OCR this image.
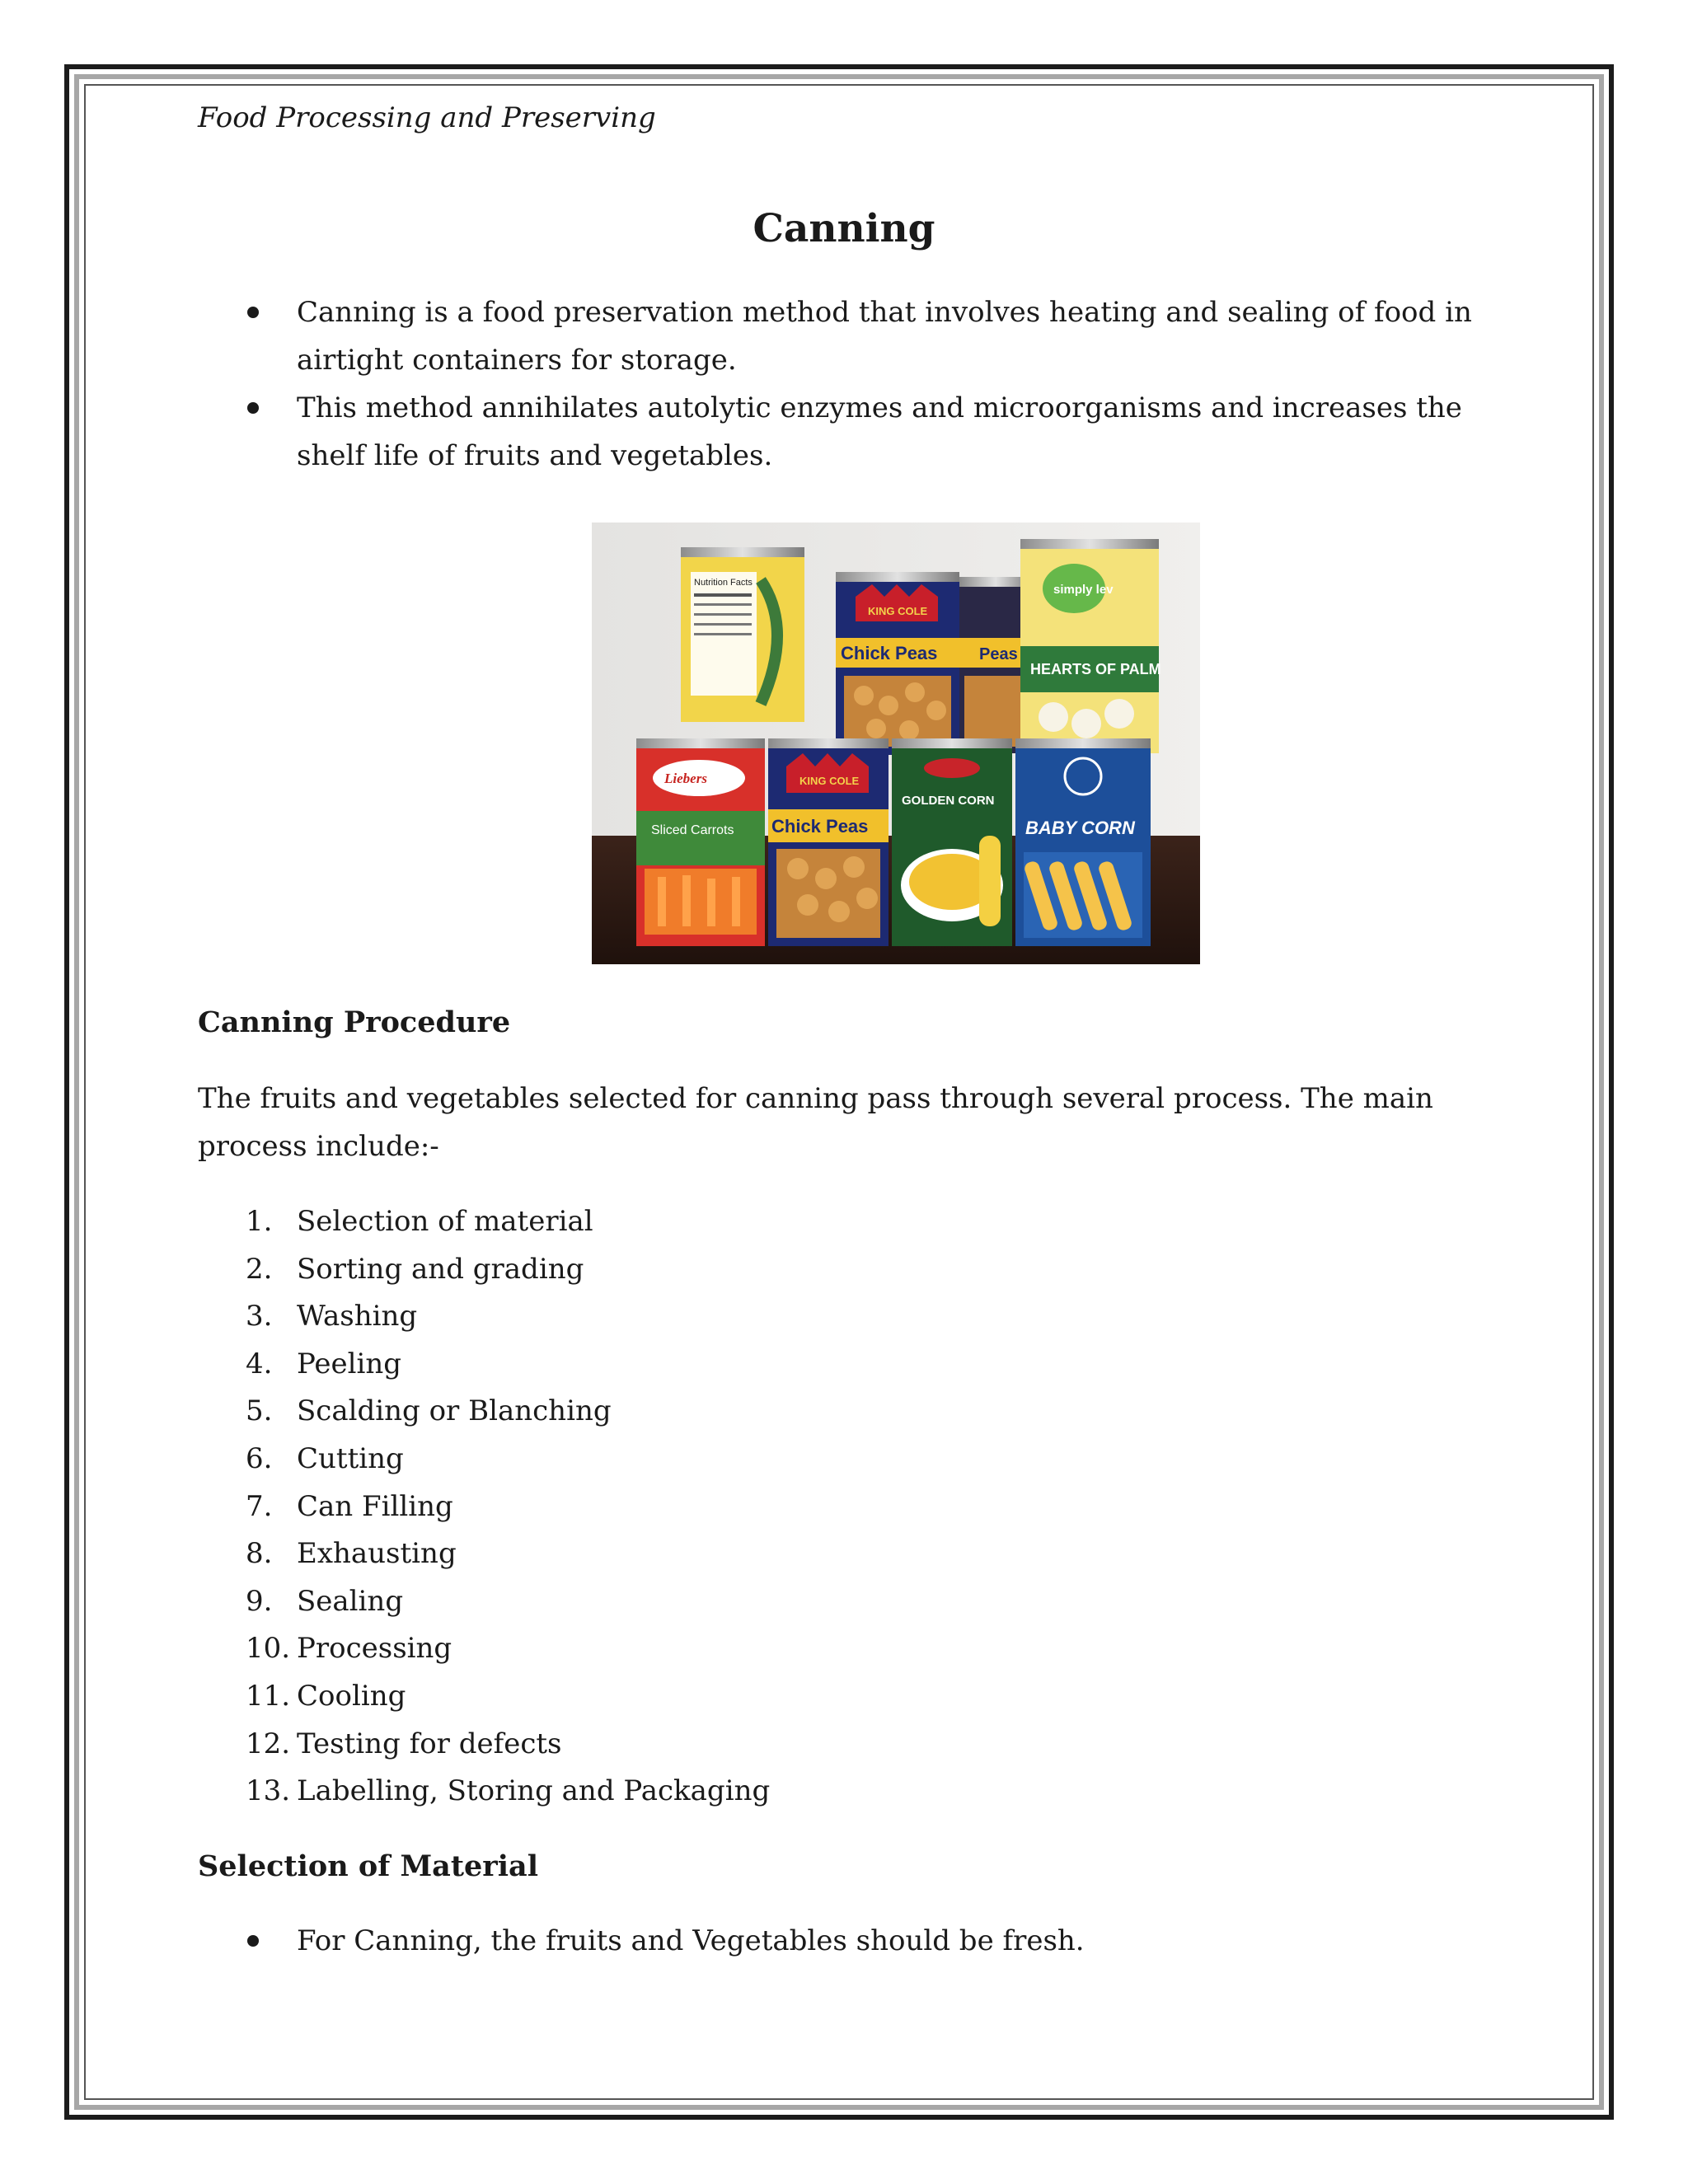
Food Processing and Preserving
Canning
Canning is a food preservation method that involves heating and sealing of food in airtight containers for storage.
This method annihilates autolytic enzymes and microorganisms and increases the shelf life of fruits and vegetables.
Nutrition Facts
KING COLE
Chick Peas	Peas
simply lev
HEARTS OF PALM
Liebers
Sliced Carrots
KING COLE
Chick Peas
GOLDEN CORN
BABY CORN
Canning Procedure

The fruits and vegetables selected for canning pass through several process. The main process include:-

1. Selection of material
2. Sorting and grading
3. Washing
4. Peeling
5. Scalding or Blanching
6. Cutting
7. Can Filling
8. Exhausting
9. Sealing
10. Processing
11. Cooling
12. Testing for defects
13. Labelling, Storing and Packaging
Selection of Material
For Canning, the fruits and Vegetables should be fresh.
